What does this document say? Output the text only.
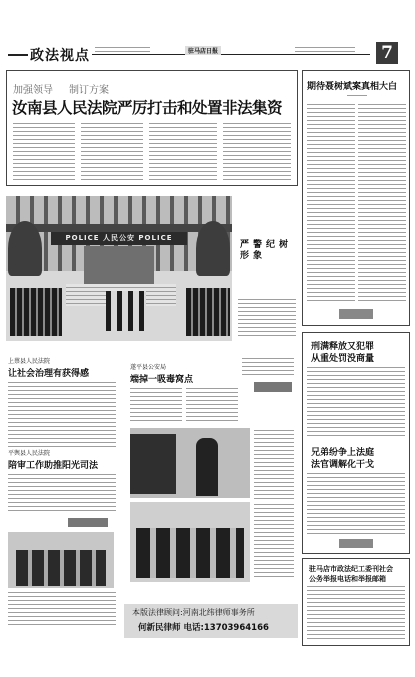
政法视点	驻马店日报	7
加强领导 制订方案
汝南县人民法院严厉打击和处置非法集资
POLICE 人民公安 POLICE
严警纪树形象
期待聂树斌案真相大白
刑满释放又犯罪
从重处罚没商量
兄弟纷争上法庭
法官调解化干戈
驻马店市政法纪工委刊社会
公务举报电话和举报邮箱
上蔡县人民法院
让社会治理有获得感
平舆县人民法院
陪审工作助推阳光司法
遂平县公安局
端掉一吸毒窝点
本版法律顾问:河南北纬律师事务所
何新民律师 电话:13703964166
